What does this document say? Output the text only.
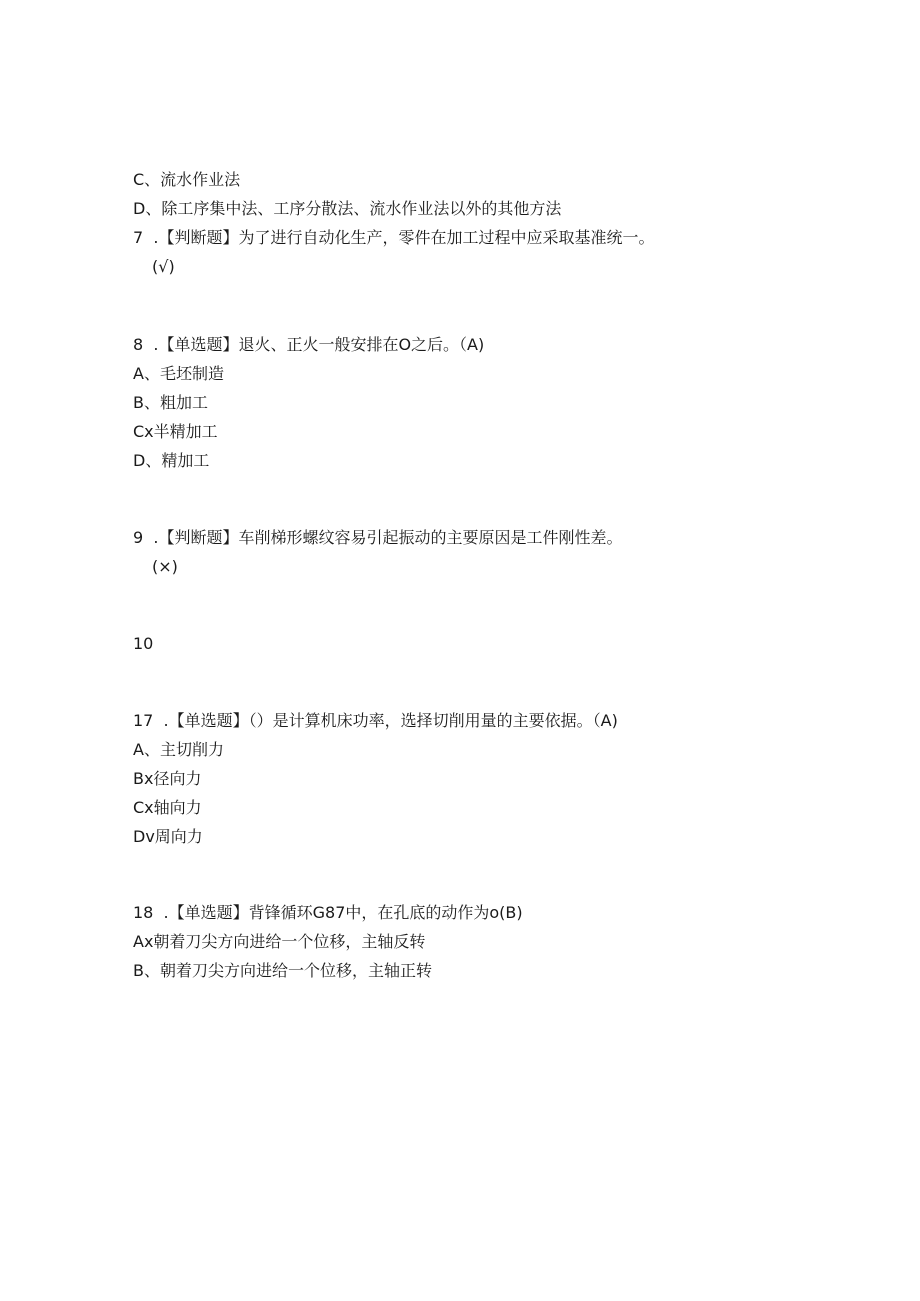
C、流水作业法
D、除工序集中法、工序分散法、流水作业法以外的其他方法
7  .【判断题】为了进行自动化生产，零件在加工过程中应采取基准统一。
(√)
8  .【单选题】退火、正火一般安排在O之后。（A)
A、毛坯制造
B、粗加工
Cx半精加工
D、精加工
9  .【判断题】车削梯形螺纹容易引起振动的主要原因是工件刚性差。
(×)
10
17  .【单选题】（）是计算机床功率，选择切削用量的主要依据。（A)
A、主切削力
Bx径向力
Cx轴向力
Dv周向力
18  .【单选题】背锋循环G87中，在孔底的动作为o(B)
Ax朝着刀尖方向进给一个位移，主轴反转
B、朝着刀尖方向进给一个位移，主轴正转
